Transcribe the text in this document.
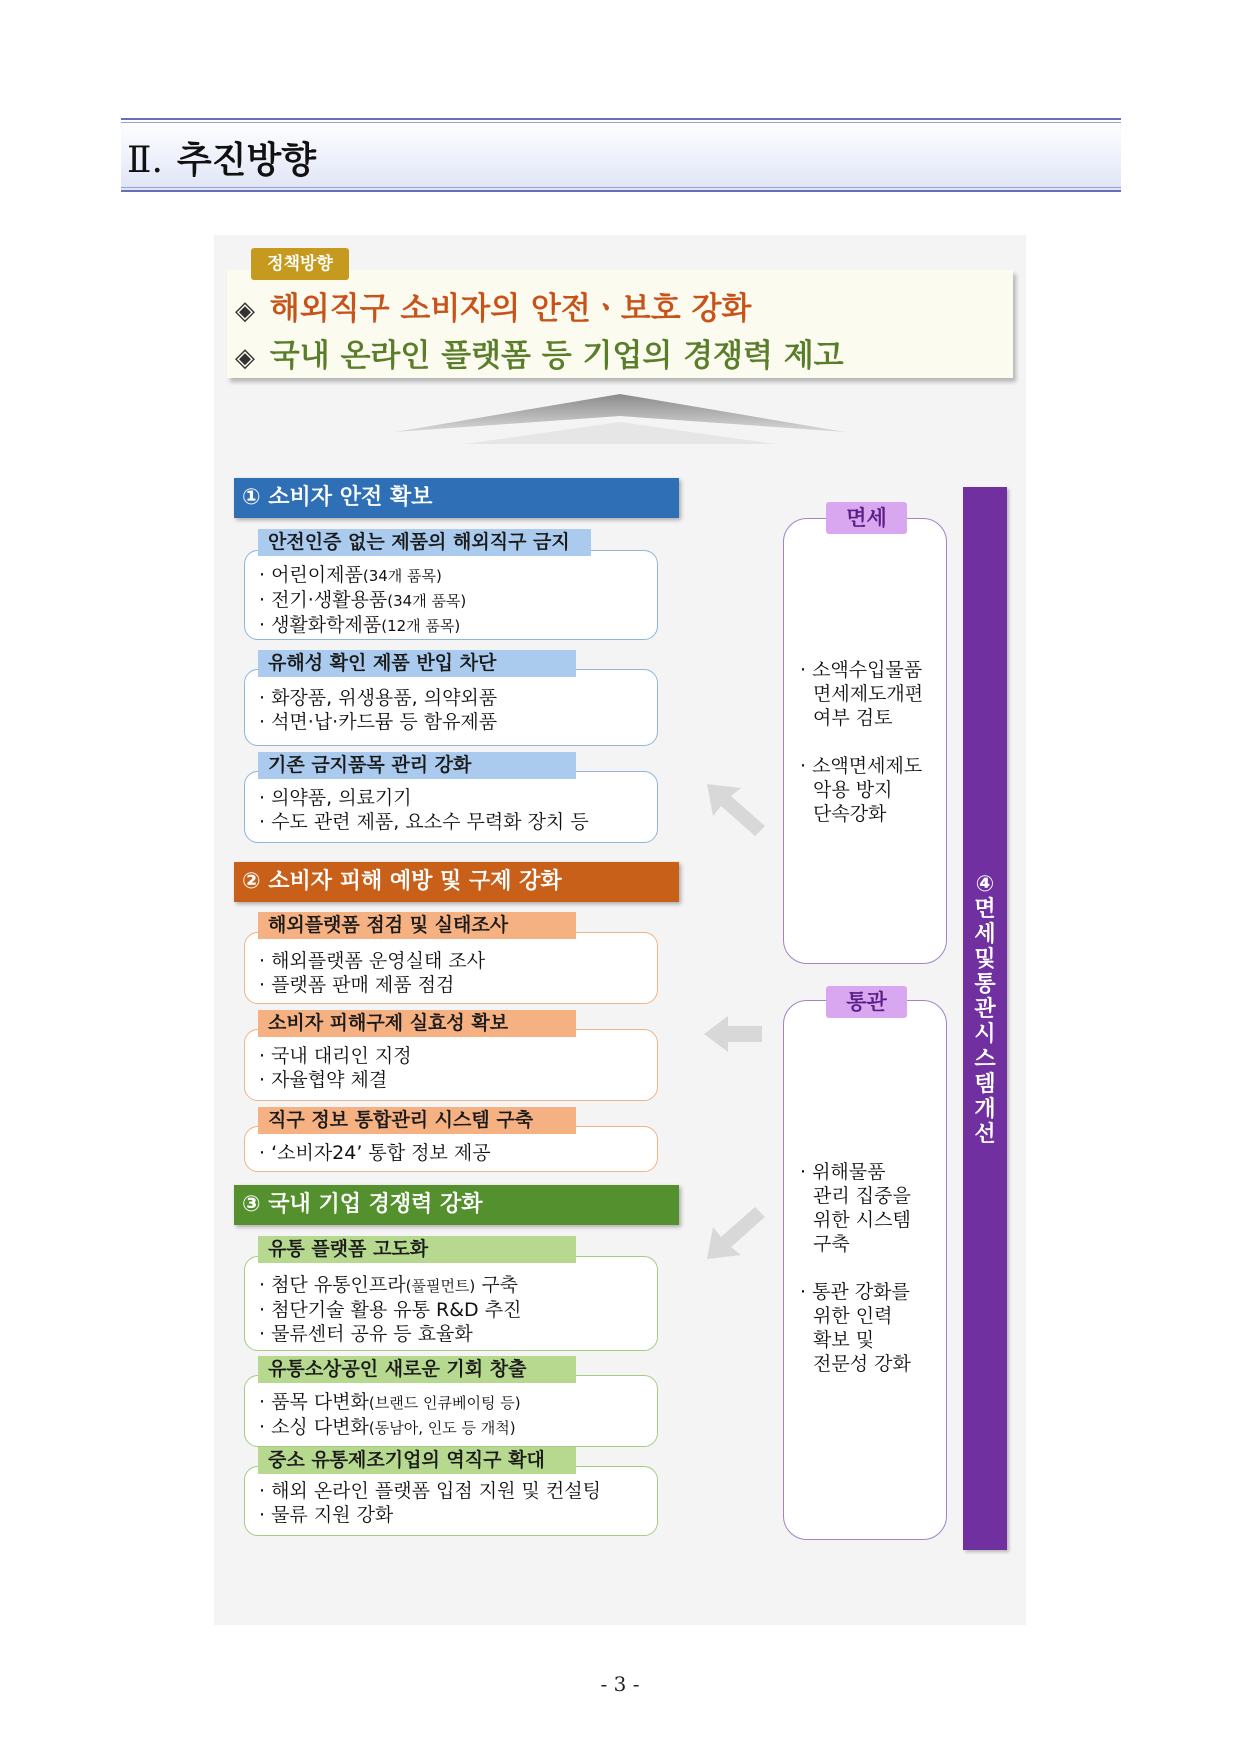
Ⅱ. 추진방향
◈ 해외직구 소비자의 안전ㆍ보호 강화
◈ 국내 온라인 플랫폼 등 기업의 경쟁력 제고
정책방향
① 소비자 안전 확보
안전인증 없는 제품의 해외직구 금지
· 어린이제품(34개 품목)
· 전기·생활용품(34개 품목)
· 생활화학제품(12개 품목)
유해성 확인 제품 반입 차단
· 화장품, 위생용품, 의약외품
· 석면·납·카드뮴 등 함유제품
기존 금지품목 관리 강화
· 의약품, 의료기기
· 수도 관련 제품, 요소수 무력화 장치 등
② 소비자 피해 예방 및 구제 강화
해외플랫폼 점검 및 실태조사
· 해외플랫폼 운영실태 조사
· 플랫폼 판매 제품 점검
소비자 피해구제 실효성 확보
· 국내 대리인 지정
· 자율협약 체결
직구 정보 통합관리 시스템 구축
· ‘소비자24’ 통합 정보 제공
③ 국내 기업 경쟁력 강화
유통 플랫폼 고도화
· 첨단 유통인프라(풀필먼트) 구축
· 첨단기술 활용 유통 R&D 추진
· 물류센터 공유 등 효율화
유통소상공인 새로운 기회 창출
· 품목 다변화(브랜드 인큐베이팅 등)
· 소싱 다변화(동남아, 인도 등 개척)
중소 유통제조기업의 역직구 확대
· 해외 온라인 플랫폼 입점 지원 및 컨설팅
· 물류 지원 강화
면세
· 소액수입물품
면세제도개편
여부 검토
· 소액면세제도
악용 방지
단속강화
통관
· 위해물품
관리 집중을
위한 시스템
구축
· 통관 강화를
위한 인력
확보 및
전문성 강화
④
면
세
및
통
관
시
스
템
개
선
- 3 -
